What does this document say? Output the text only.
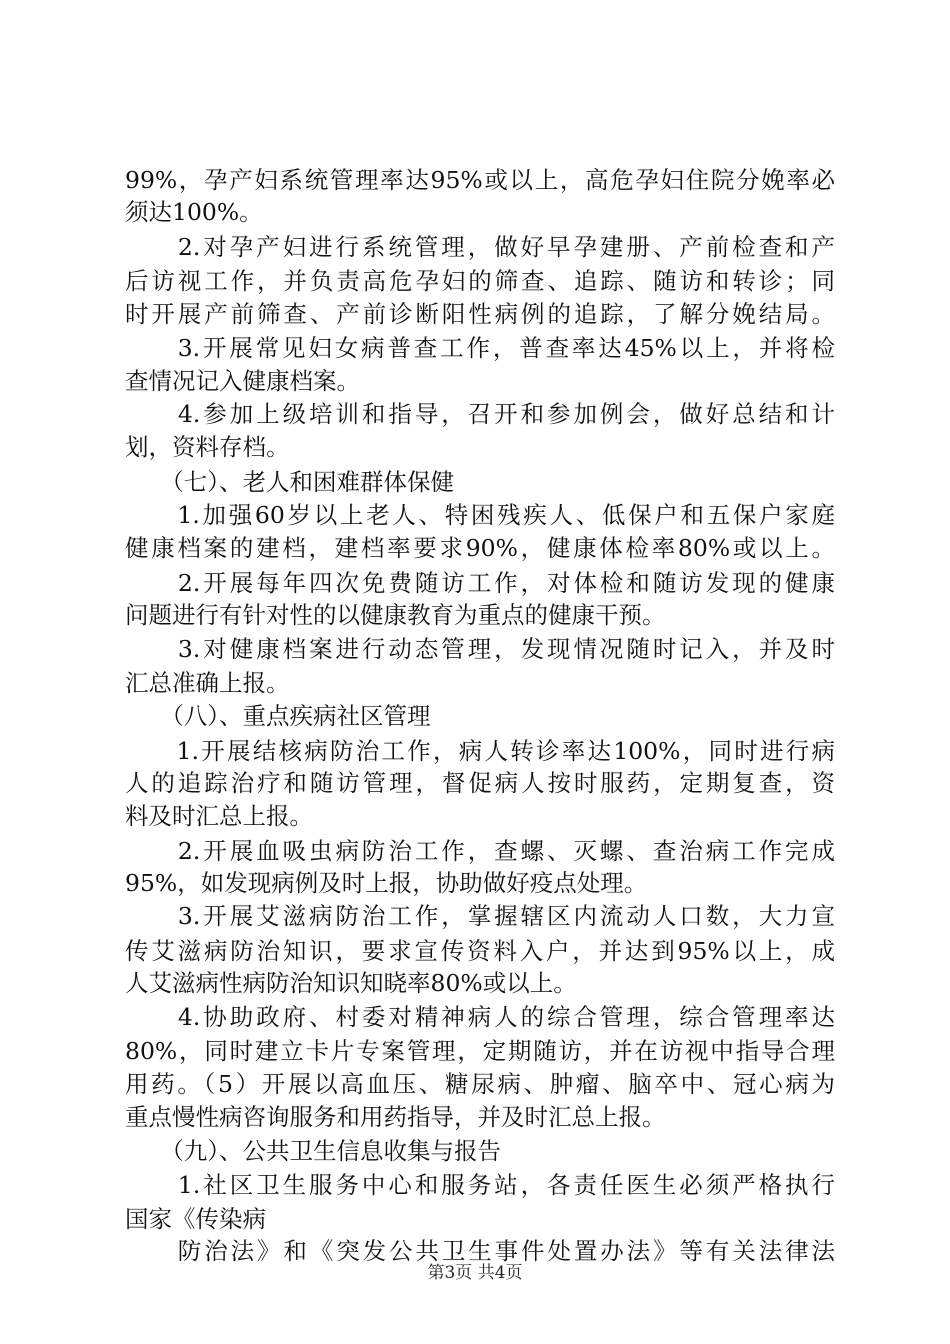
99%，孕产妇系统管理率达95%或以上，高危孕妇住院分娩率必
须达100%。
　　2.对孕产妇进行系统管理，做好早孕建册、产前检查和产
后访视工作，并负责高危孕妇的筛查、追踪、随访和转诊；同
时开展产前筛查、产前诊断阳性病例的追踪，了解分娩结局。
　　3.开展常见妇女病普查工作，普查率达45%以上，并将检
查情况记入健康档案。
　　4.参加上级培训和指导，召开和参加例会，做好总结和计
划，资料存档。
　　（七）、老人和困难群体保健
　　1.加强60岁以上老人、特困残疾人、低保户和五保户家庭
健康档案的建档，建档率要求90%，健康体检率80%或以上。
　　2.开展每年四次免费随访工作，对体检和随访发现的健康
问题进行有针对性的以健康教育为重点的健康干预。
　　3.对健康档案进行动态管理，发现情况随时记入，并及时
汇总准确上报。
　　（八）、重点疾病社区管理
　　1.开展结核病防治工作，病人转诊率达100%，同时进行病
人的追踪治疗和随访管理，督促病人按时服药，定期复查，资
料及时汇总上报。
　　2.开展血吸虫病防治工作，查螺、灭螺、查治病工作完成
95%，如发现病例及时上报，协助做好疫点处理。
　　3.开展艾滋病防治工作，掌握辖区内流动人口数，大力宣
传艾滋病防治知识，要求宣传资料入户，并达到95%以上，成
人艾滋病性病防治知识知晓率80%或以上。
　　4.协助政府、村委对精神病人的综合管理，综合管理率达
80%，同时建立卡片专案管理，定期随访，并在访视中指导合理
用药。（5）开展以高血压、糖尿病、肿瘤、脑卒中、冠心病为
重点慢性病咨询服务和用药指导，并及时汇总上报。
　　（九）、公共卫生信息收集与报告
　　1.社区卫生服务中心和服务站，各责任医生必须严格执行
国家《传染病
　　防治法》和《突发公共卫生事件处置办法》等有关法律法
第3页 共4页
